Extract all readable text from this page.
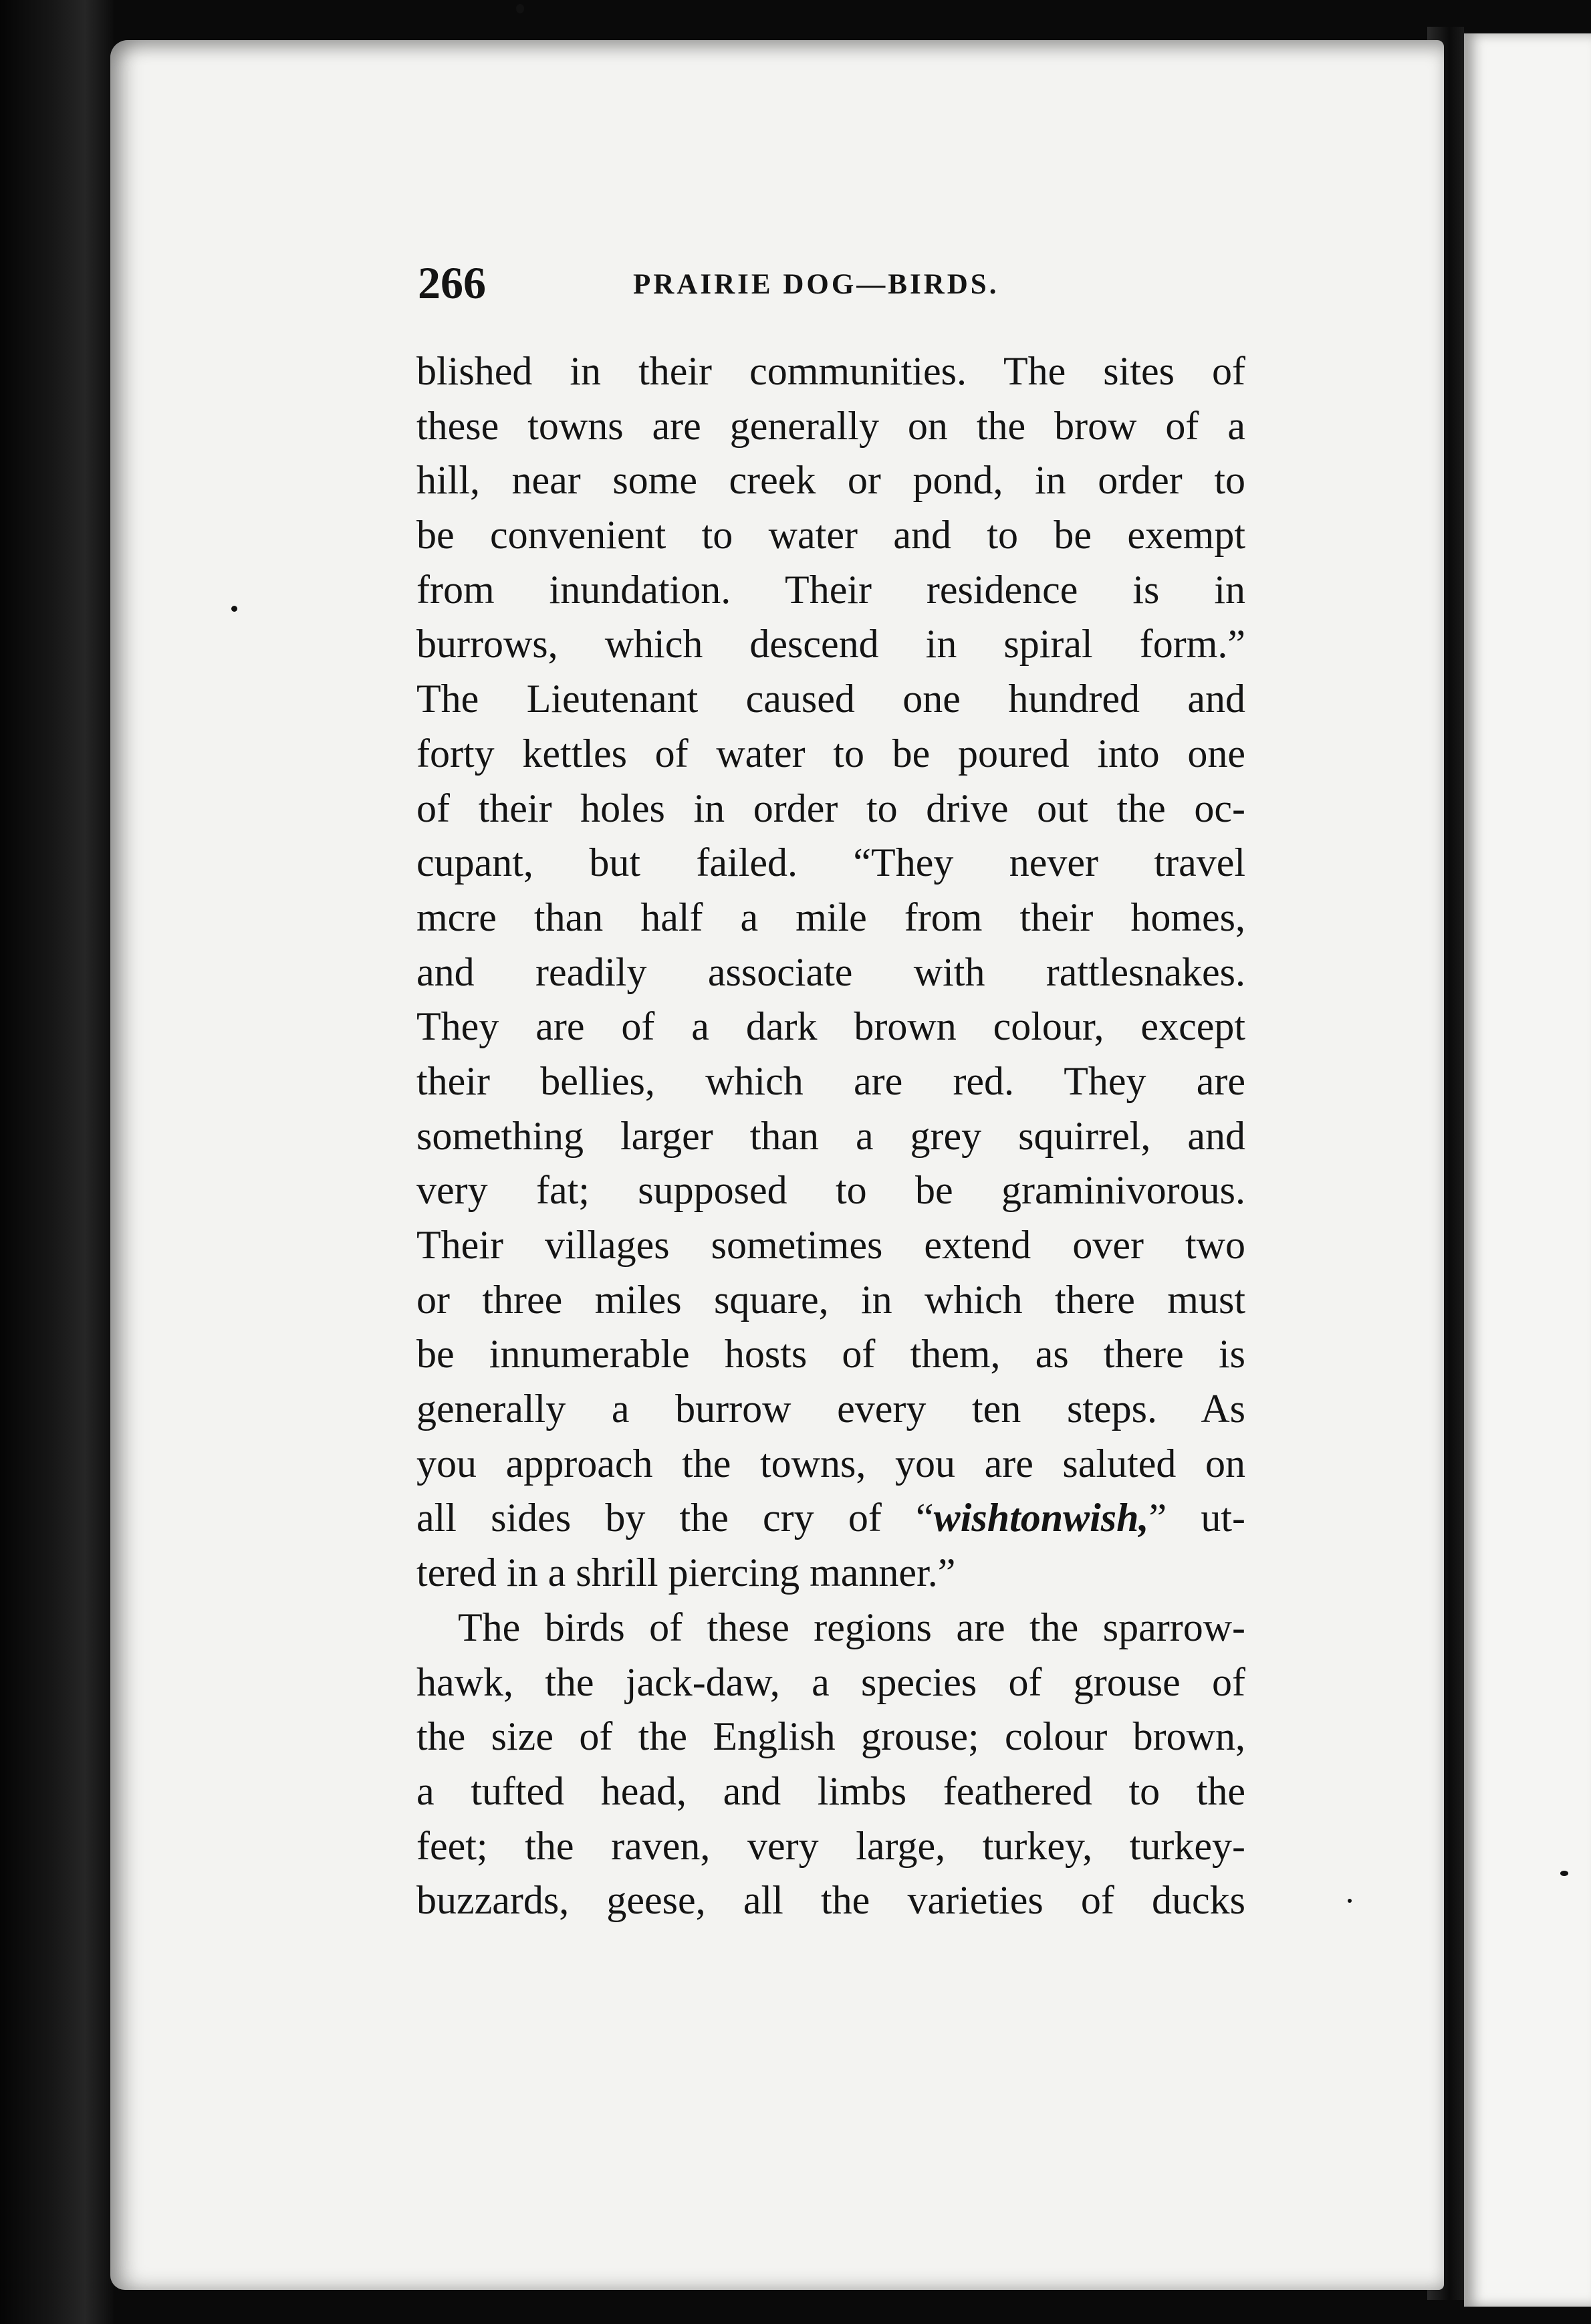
266	PRAIRIE DOG—BIRDS.
blished in their communities. The sites of
these towns are generally on the brow of a
hill, near some creek or pond, in order to
be convenient to water and to be exempt
from inundation. Their residence is in
burrows, which descend in spiral form.”
The Lieutenant caused one hundred and
forty kettles of water to be poured into one
of their holes in order to drive out the oc-
cupant, but failed. “They never travel
mcre than half a mile from their homes,
and readily associate with rattlesnakes.
They are of a dark brown colour, except
their bellies, which are red. They are
something larger than a grey squirrel, and
very fat; supposed to be graminivorous.
Their villages sometimes extend over two
or three miles square, in which there must
be innumerable hosts of them, as there is
generally a burrow every ten steps. As
you approach the towns, you are saluted on
all sides by the cry of “wishtonwish,” ut-
tered in a shrill piercing manner.”
The birds of these regions are the sparrow-
hawk, the jack-daw, a species of grouse of
the size of the English grouse; colour brown,
a tufted head, and limbs feathered to the
feet; the raven, very large, turkey, turkey-
buzzards, geese, all the varieties of ducks
